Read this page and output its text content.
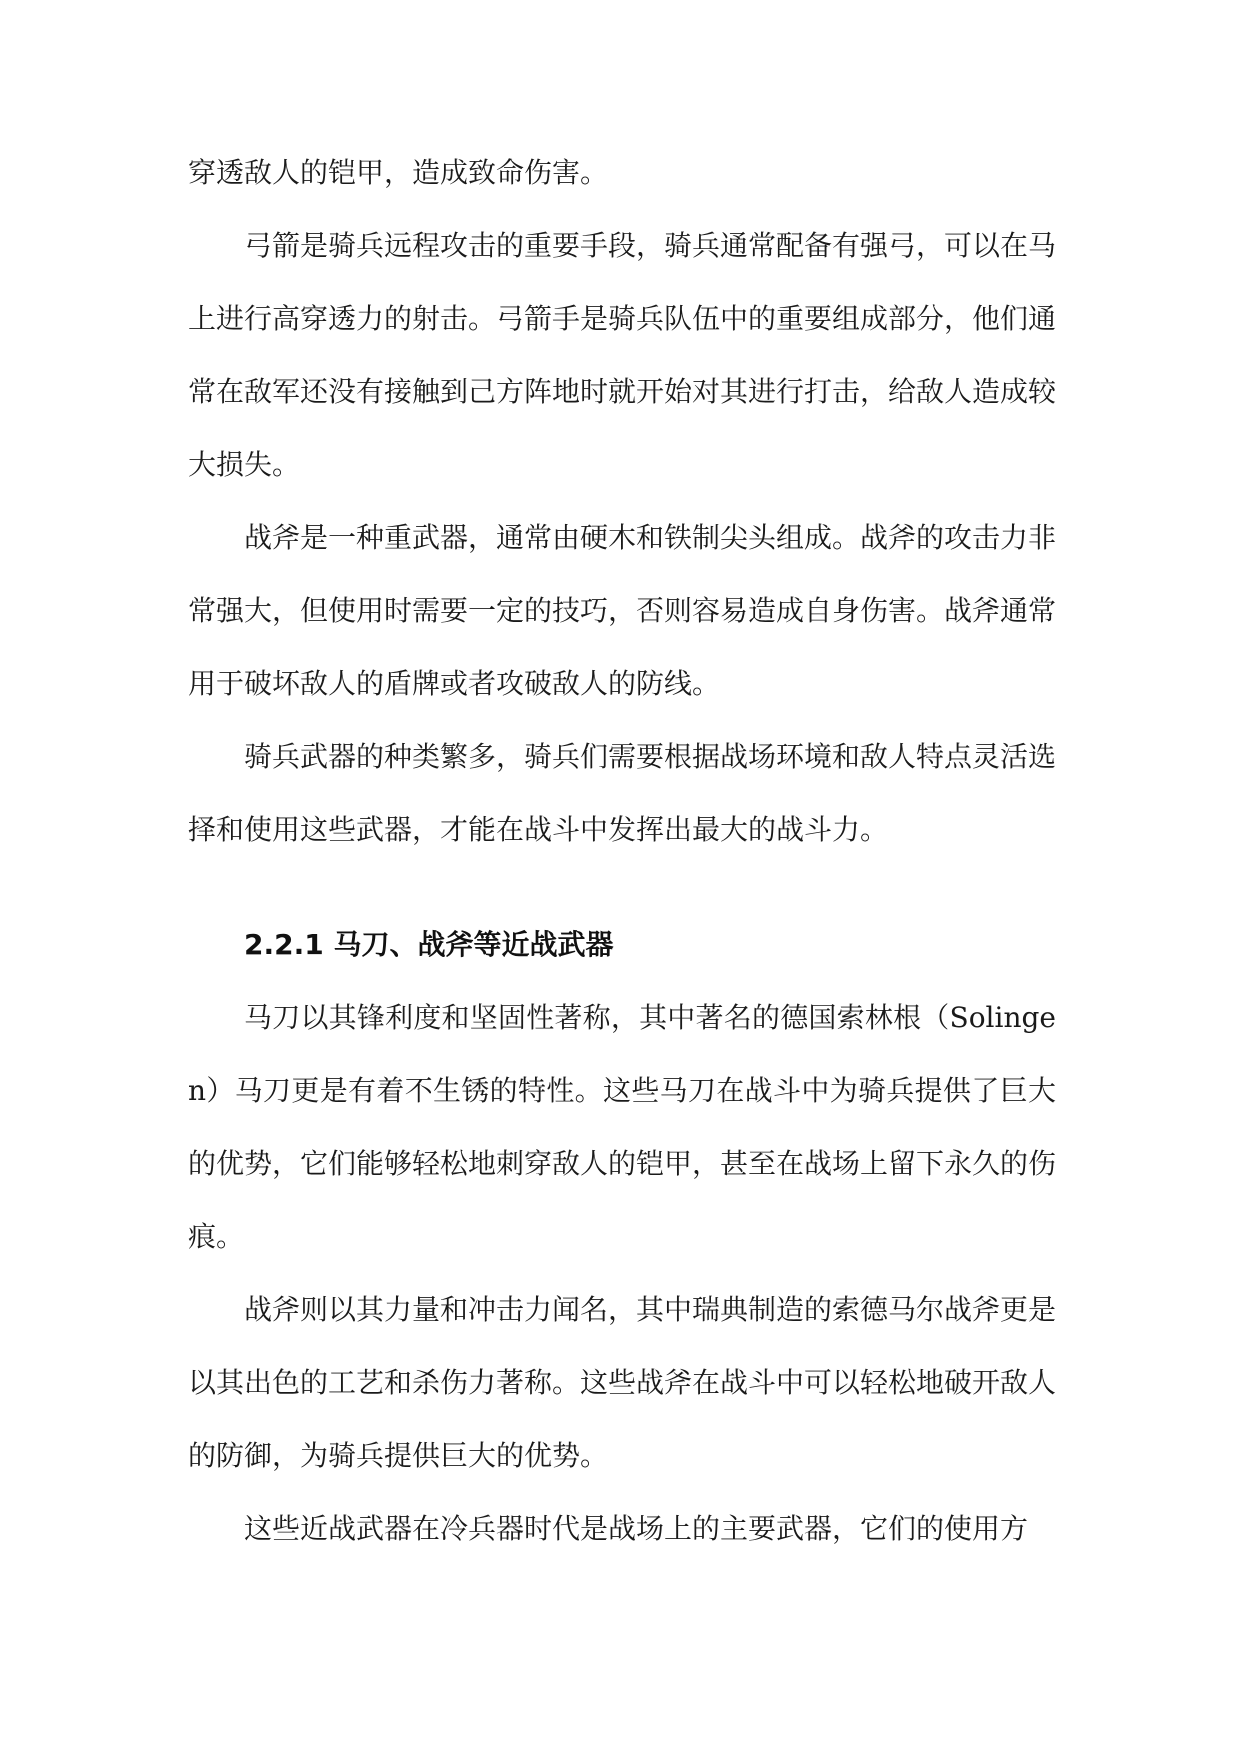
穿透敌人的铠甲，造成致命伤害。

弓箭是骑兵远程攻击的重要手段，骑兵通常配备有强弓，可以在马上进行高穿透力的射击。弓箭手是骑兵队伍中的重要组成部分，他们通常在敌军还没有接触到己方阵地时就开始对其进行打击，给敌人造成较大损失。

战斧是一种重武器，通常由硬木和铁制尖头组成。战斧的攻击力非常强大，但使用时需要一定的技巧，否则容易造成自身伤害。战斧通常用于破坏敌人的盾牌或者攻破敌人的防线。

骑兵武器的种类繁多，骑兵们需要根据战场环境和敌人特点灵活选择和使用这些武器，才能在战斗中发挥出最大的战斗力。

2.2.1 马刀、战斧等近战武器

马刀以其锋利度和坚固性著称，其中著名的德国索林根（Solingen）马刀更是有着不生锈的特性。这些马刀在战斗中为骑兵提供了巨大的优势，它们能够轻松地刺穿敌人的铠甲，甚至在战场上留下永久的伤痕。

战斧则以其力量和冲击力闻名，其中瑞典制造的索德马尔战斧更是以其出色的工艺和杀伤力著称。这些战斧在战斗中可以轻松地破开敌人的防御，为骑兵提供巨大的优势。

这些近战武器在冷兵器时代是战场上的主要武器，它们的使用方
